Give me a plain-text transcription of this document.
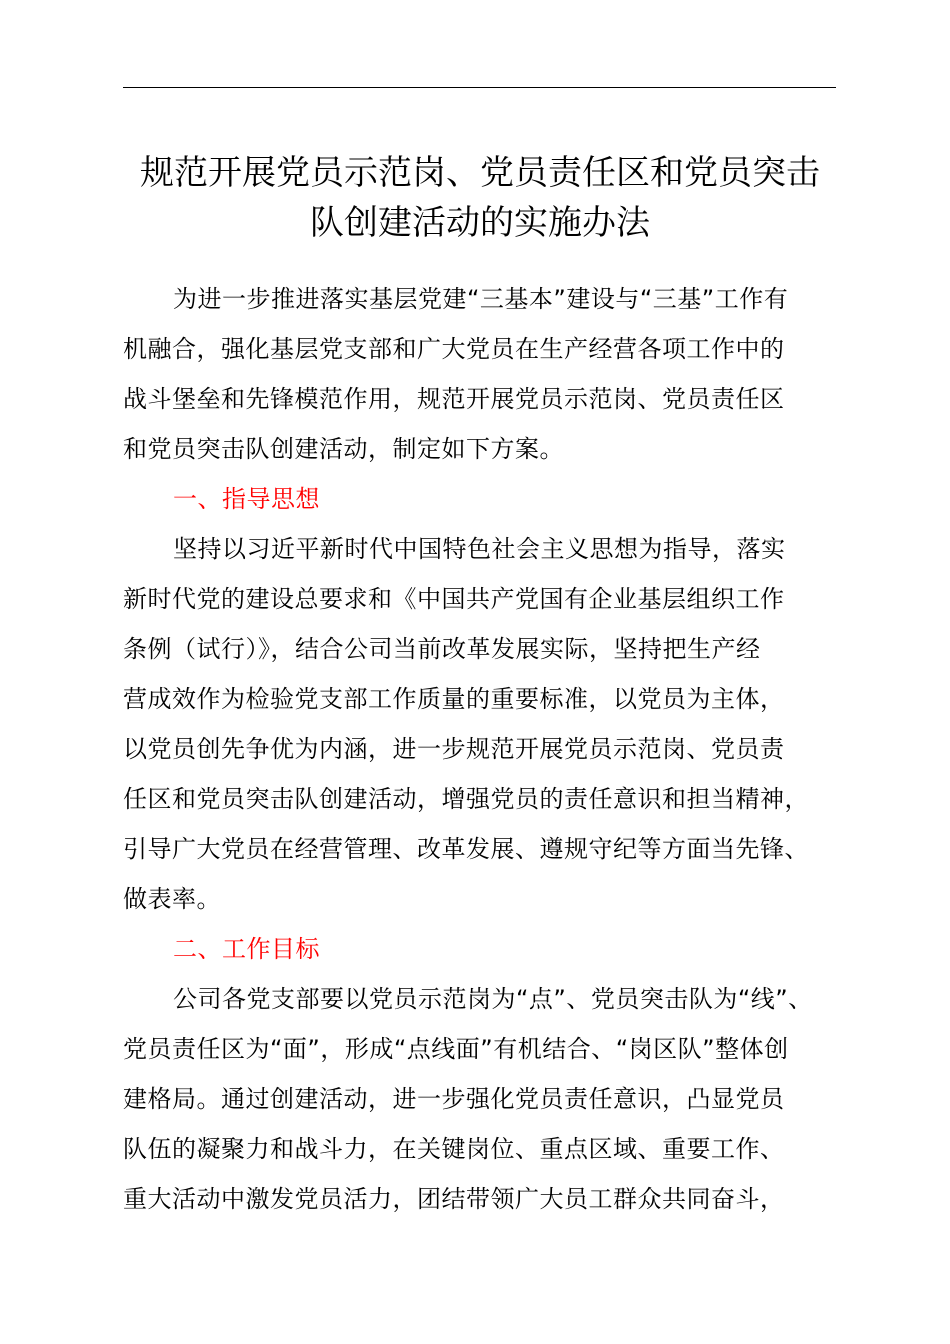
规范开展党员示范岗、党员责任区和党员突击
队创建活动的实施办法

为进一步推进落实基层党建“三基本”建设与“三基”工作有
机融合，强化基层党支部和广大党员在生产经营各项工作中的
战斗堡垒和先锋模范作用，规范开展党员示范岗、党员责任区
和党员突击队创建活动，制定如下方案。

一、指导思想

坚持以习近平新时代中国特色社会主义思想为指导，落实
新时代党的建设总要求和《中国共产党国有企业基层组织工作
条例（试行）》，结合公司当前改革发展实际，坚持把生产经
营成效作为检验党支部工作质量的重要标准，以党员为主体，
以党员创先争优为内涵，进一步规范开展党员示范岗、党员责
任区和党员突击队创建活动，增强党员的责任意识和担当精神，
引导广大党员在经营管理、改革发展、遵规守纪等方面当先锋、
做表率。

二、工作目标

公司各党支部要以党员示范岗为“点”、党员突击队为“线”、
党员责任区为“面”，形成“点线面”有机结合、“岗区队”整体创
建格局。通过创建活动，进一步强化党员责任意识，凸显党员
队伍的凝聚力和战斗力，在关键岗位、重点区域、重要工作、
重大活动中激发党员活力，团结带领广大员工群众共同奋斗，
